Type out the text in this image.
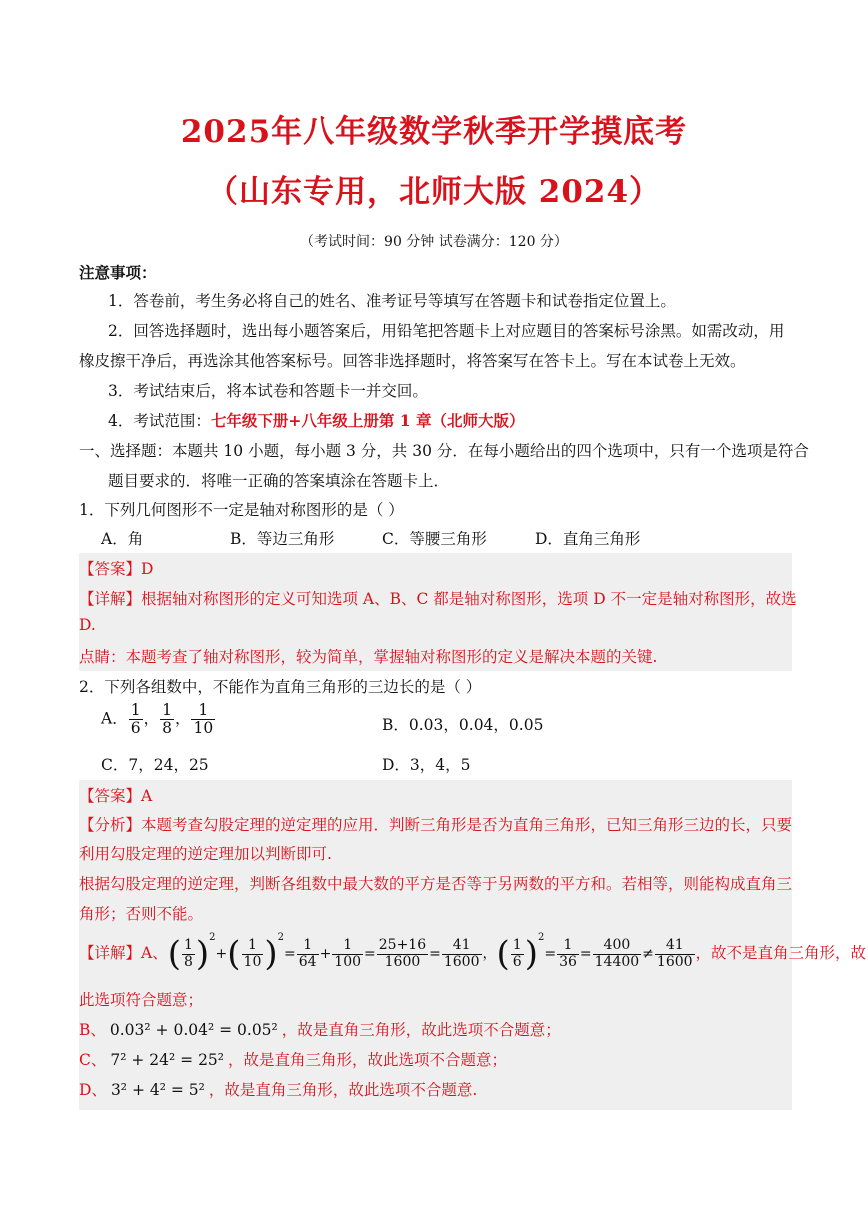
2025年八年级数学秋季开学摸底考
（山东专用，北师大版 2024）
（考试时间：90 分钟 试卷满分：120 分）
注意事项：
1．答卷前，考生务必将自己的姓名、准考证号等填写在答题卡和试卷指定位置上。
2．回答选择题时，选出每小题答案后，用铅笔把答题卡上对应题目的答案标号涂黑。如需改动，用
橡皮擦干净后，再选涂其他答案标号。回答非选择题时，将答案写在答卡上。写在本试卷上无效。
3．考试结束后，将本试卷和答题卡一并交回。
4．考试范围：七年级下册+八年级上册第 1 章（北师大版）
一、选择题：本题共 10 小题，每小题 3 分，共 30 分．在每小题给出的四个选项中，只有一个选项是符合
题目要求的．将唯一正确的答案填涂在答题卡上．
1．下列几何图形不一定是轴对称图形的是（ ）
A．角	B．等边三角形	C．等腰三角形	D．直角三角形
【答案】D
【详解】根据轴对称图形的定义可知选项 A、B、C 都是轴对称图形，选项 D 不一定是轴对称图形，故选
D.
点睛：本题考查了轴对称图形，较为简单，掌握轴对称图形的定义是解决本题的关键.
2．下列各组数中，不能作为直角三角形的三边长的是（ ）
A． $\frac{1}{6}$ ， $\frac{1}{8}$ ， $\frac{1}{10}$	B．0.03，0.04，0.05
C．7，24，25	D．3，4，5
【答案】A
【分析】本题考查勾股定理的逆定理的应用．判断三角形是否为直角三角形，已知三角形三边的长，只要
利用勾股定理的逆定理加以判断即可.
根据勾股定理的逆定理，判断各组数中最大数的平方是否等于另两数的平方和。若相等，则能构成直角三
角形；否则不能。
【详解】A、( $\frac{1}{8} )^2+( \frac{1}{10} )^2= \frac{1}{64} + \frac{1}{100} = \frac{25+16}{1600} = \frac{41}{1600}$ ，( $\frac{1}{6} )^2= \frac{1}{36} = \frac{400}{14400} \ne \frac{41}{1600}$ ，故不是直角三角形，故
此选项符合题意；
B、 0.03² + 0.04² = 0.05² ，故是直角三角形，故此选项不合题意；
C、 7² + 24² = 25² ，故是直角三角形，故此选项不合题意；
D、 3² + 4² = 5² ，故是直角三角形，故此选项不合题意.
